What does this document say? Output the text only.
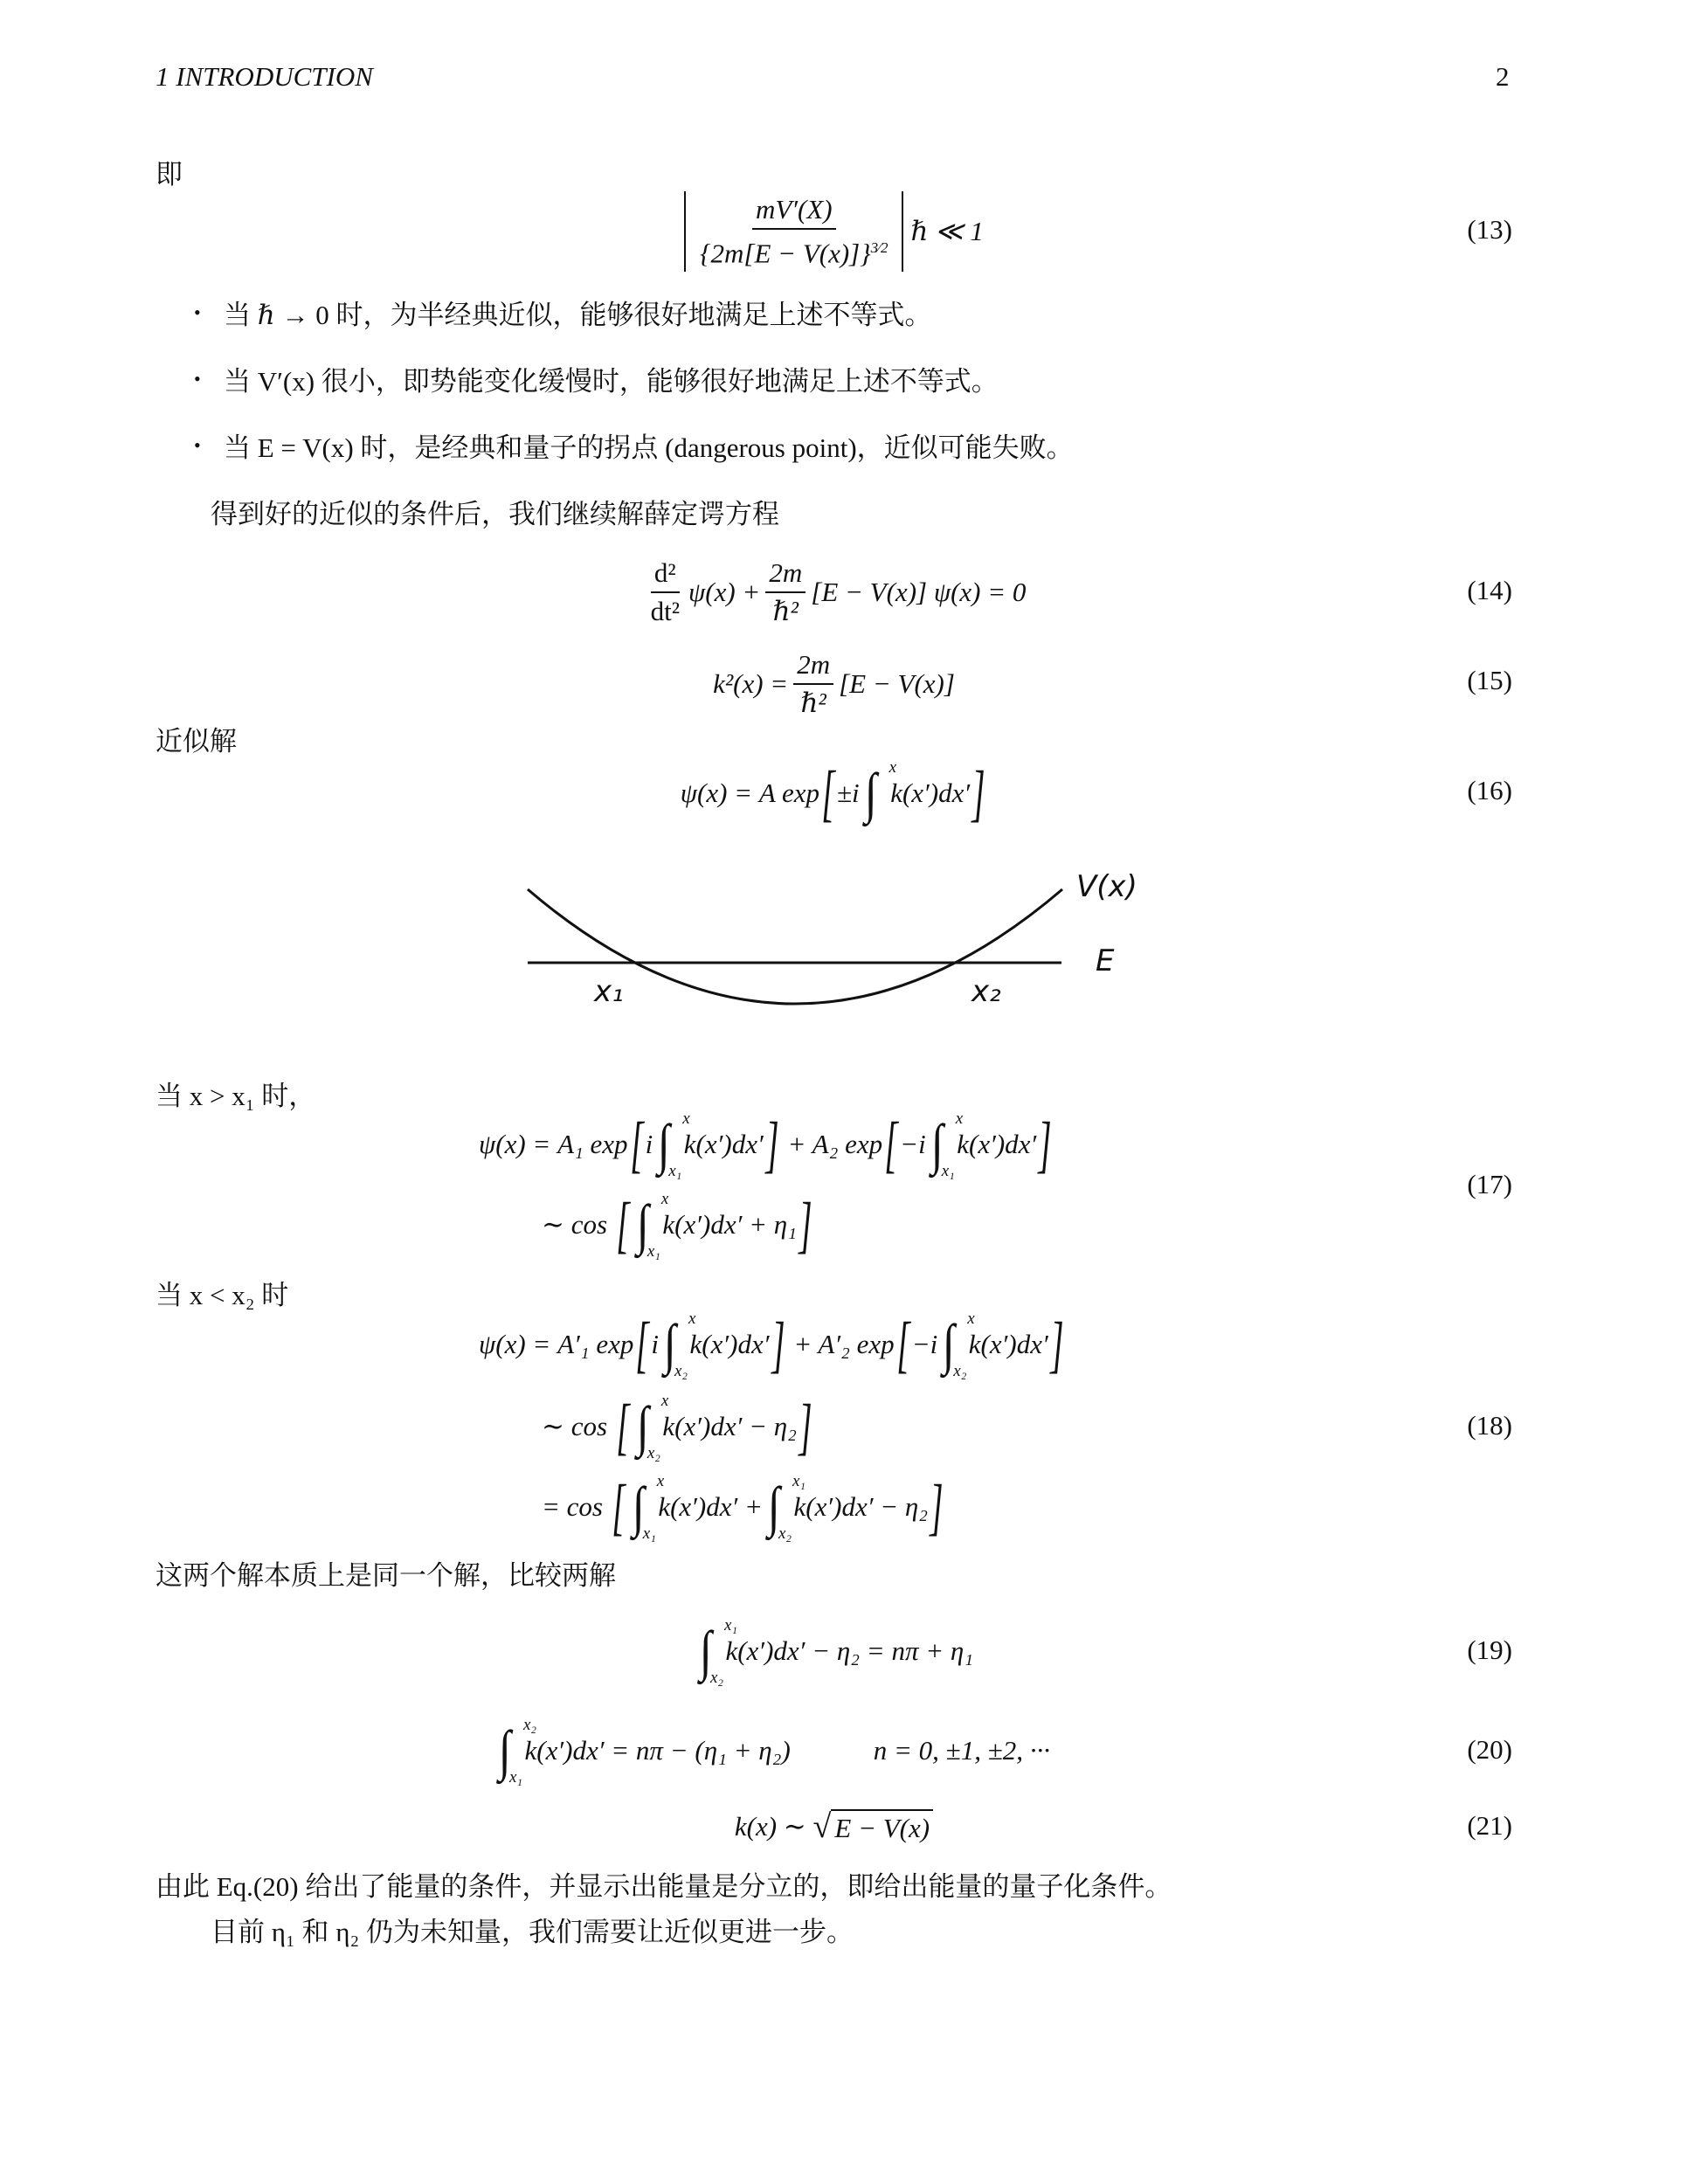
1 INTRODUCTION	2
即
$\frac{mV'(X)}{\{2m[E - V(x)]\}^{3⁄2}}$ ℏ ≪ 1	(13)
• 当 ℏ → 0 时，为半经典近似，能够很好地满足上述不等式。
• 当 V′(x) 很小，即势能变化缓慢时，能够很好地满足上述不等式。
• 当 E = V(x) 时，是经典和量子的拐点 (dangerous point)，近似可能失败。
得到好的近似的条件后，我们继续解薛定谔方程
$\frac{\text{d²}}{\text{dt²}} \psi(x) + \frac{2m}{\text{ℏ²}} [E - V(x)] \psi(x) = 0$	(14)
$k^2(x) = \frac{2m}{\text{ℏ²}} [E - V(x)]$	(15)
近似解
ψ(x) = A exp [ ±i ∫ x
k(x′)dx′ ]	(16)
V(x)
E
x₁	x₂
当 x > x₁ 时，
ψ(x) = A₁ exp [ i ∫ x
x₁
k(x′)dx′ ]
+ A₂ exp [ −i ∫ x
x₁
k(x′)dx′ ]
∼ cos
[ ∫ x
x₁
k(x′)dx′ + η₁ ]
(17)
当 x < x₂ 时
ψ(x) = A′₁ exp [ i ∫ x
x₂
k(x′)dx′ ]
+ A′₂ exp [ −i ∫ x
x₂
k(x′)dx′ ]
∼ cos
[ ∫ x
x₂
k(x′)dx′ − η₂ ]
= cos
[ ∫ x
x₁
k(x′)dx′ + ∫ x₁
x₂
k(x′)dx′ − η₂ ]
(18)
这两个解本质上是同一个解，比较两解
∫ x₁
x₂
k(x′)dx′ − η₂ = nπ + η₁	(19)
∫ x₂
x₁
k(x′)dx′ = nπ − (η₁ + η₂)	n = 0, ±1, ±2, ···	(20)
k(x) ∼
√ E − V(x)	(21)
由此 Eq.(20) 给出了能量的条件，并显示出能量是分立的，即给出能量的量子化条件。
目前 η₁ 和 η₂ 仍为未知量，我们需要让近似更进一步。
